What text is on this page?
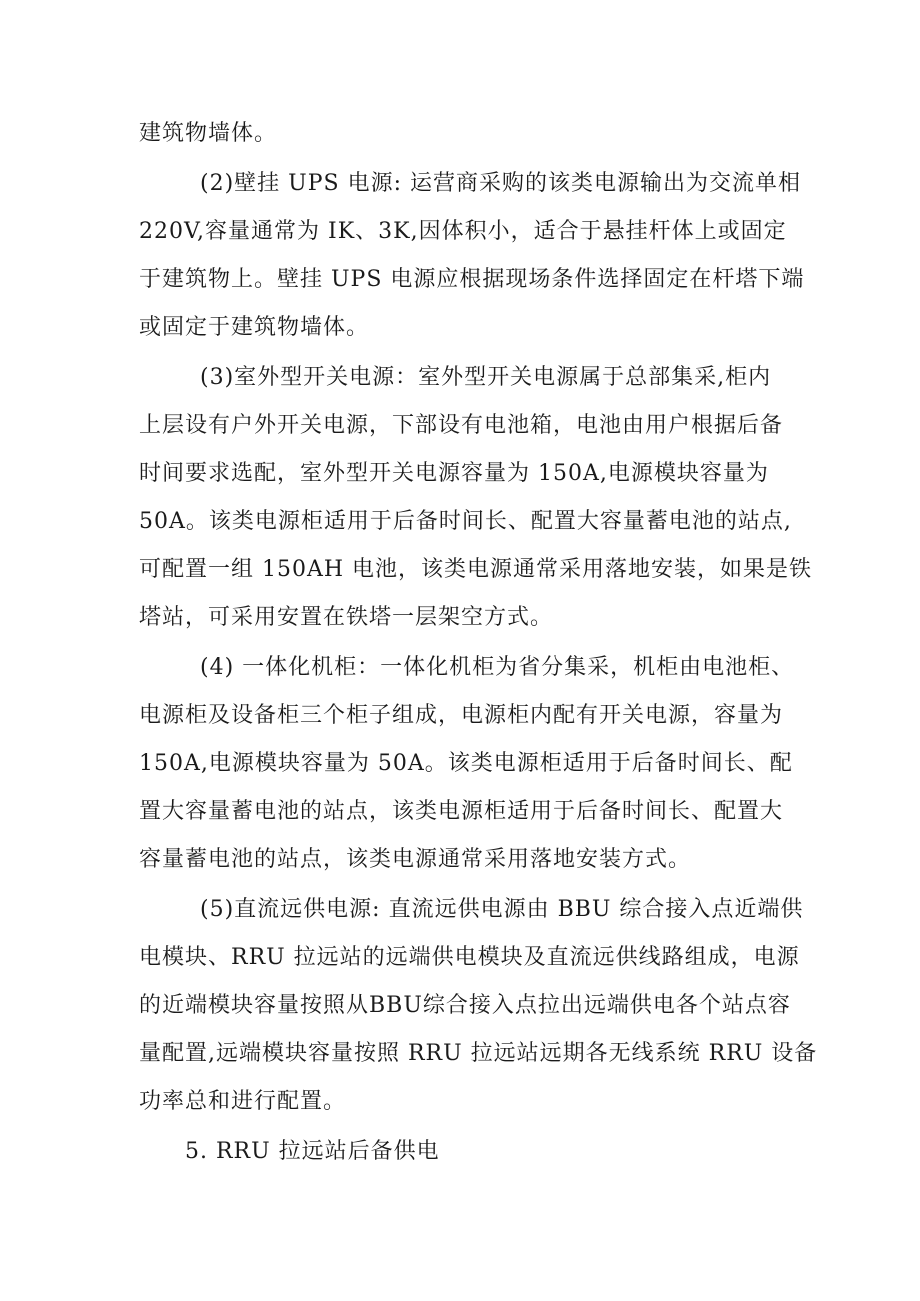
建筑物墙体。
(2)壁挂 UPS 电源: 运营商采购的该类电源输出为交流单相
220V,容量通常为 IK、3K,因体积小，适合于悬挂杆体上或固定
于建筑物上。壁挂 UPS 电源应根据现场条件选择固定在杆塔下端
或固定于建筑物墙体。
(3)室外型开关电源：室外型开关电源属于总部集采,柜内
上层设有户外开关电源，下部设有电池箱，电池由用户根据后备
时间要求选配，室外型开关电源容量为 150A,电源模块容量为
50A。该类电源柜适用于后备时间长、配置大容量蓄电池的站点,
可配置一组 150AH 电池，该类电源通常采用落地安装，如果是铁
塔站，可采用安置在铁塔一层架空方式。
(4) 一体化机柜：一体化机柜为省分集采，机柜由电池柜、
电源柜及设备柜三个柜子组成，电源柜内配有开关电源，容量为
150A,电源模块容量为 50A。该类电源柜适用于后备时间长、配
置大容量蓄电池的站点，该类电源柜适用于后备时间长、配置大
容量蓄电池的站点，该类电源通常采用落地安装方式。
(5)直流远供电源: 直流远供电源由 BBU 综合接入点近端供
电模块、RRU 拉远站的远端供电模块及直流远供线路组成，电源
的近端模块容量按照从BBU综合接入点拉出远端供电各个站点容
量配置,远端模块容量按照 RRU 拉远站远期各无线系统 RRU 设备
功率总和进行配置。
5. RRU 拉远站后备供电
